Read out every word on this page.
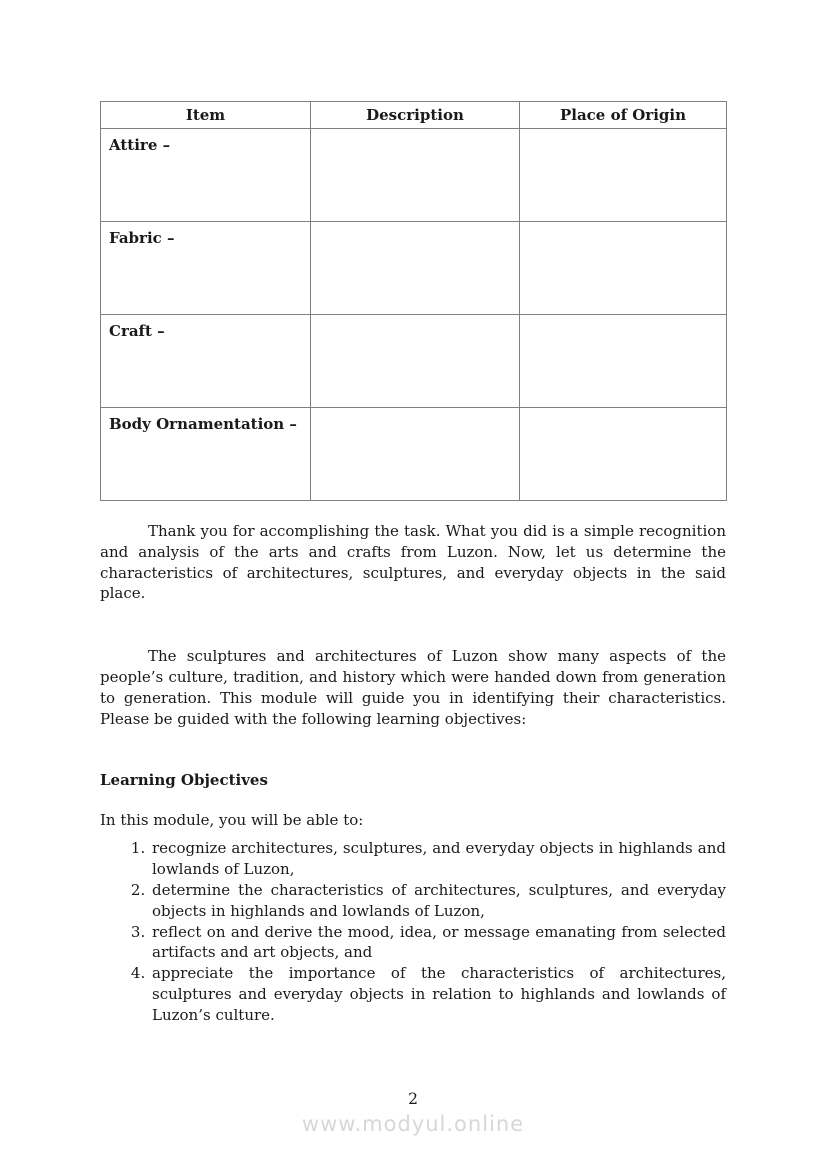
Item	Description	Place of Origin
Attire –		
Fabric –		
Craft –		
Body Ornamentation –		

Thank you for accomplishing the task. What you did is a simple recognition and analysis of the arts and crafts from Luzon. Now, let us determine the characteristics of architectures, sculptures, and everyday objects in the said place.

The sculptures and architectures of Luzon show many aspects of the people’s culture, tradition, and history which were handed down from generation to generation. This module will guide you in identifying their characteristics. Please be guided with the following learning objectives:

Learning Objectives

In this module, you will be able to:

1. recognize architectures, sculptures, and everyday objects in highlands and lowlands of Luzon,
2. determine the characteristics of architectures, sculptures, and everyday objects in highlands and lowlands of Luzon,
3. reflect on and derive the mood, idea, or message emanating from selected artifacts and art objects, and
4. appreciate the importance of the characteristics of architectures, sculptures and everyday objects in relation to highlands and lowlands of Luzon’s culture.
2
www.modyul.online
